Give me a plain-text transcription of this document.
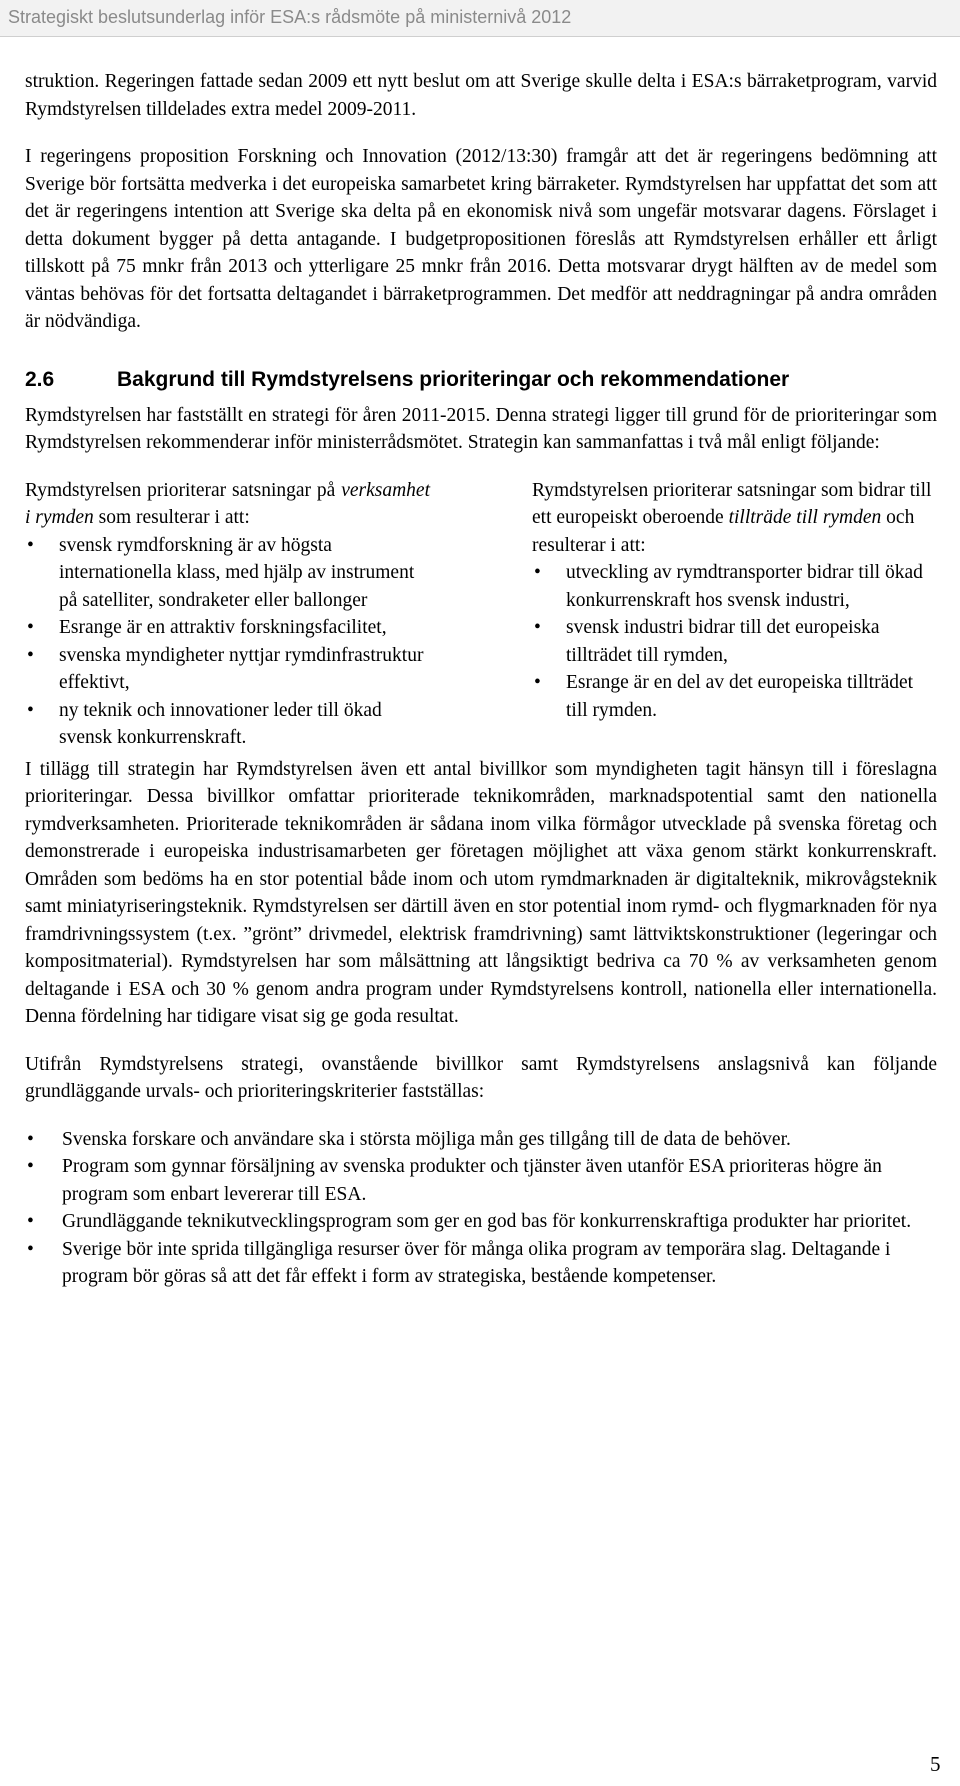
Strategiskt beslutsunderlag inför ESA:s rådsmöte på ministernivå 2012

struktion. Regeringen fattade sedan 2009 ett nytt beslut om att Sverige skulle delta i ESA:s bärraketprogram, varvid Rymdstyrelsen tilldelades extra medel 2009-2011.

I regeringens proposition Forskning och Innovation (2012/13:30) framgår att det är regeringens bedömning att Sverige bör fortsätta medverka i det europeiska samarbetet kring bärraketer. Rymdstyrelsen har uppfattat det som att det är regeringens intention att Sverige ska delta på en ekonomisk nivå som ungefär motsvarar dagens. Förslaget i detta dokument bygger på detta antagande. I budgetpropositionen föreslås att Rymdstyrelsen erhåller ett årligt tillskott på 75 mnkr från 2013 och ytterligare 25 mnkr från 2016. Detta motsvarar drygt hälften av de medel som väntas behövas för det fortsatta deltagandet i bärraketprogrammen. Det medför att neddragningar på andra områden är nödvändiga.

2.6	Bakgrund till Rymdstyrelsens prioriteringar och rekommendationer

Rymdstyrelsen har fastställt en strategi för åren 2011-2015. Denna strategi ligger till grund för de prioriteringar som Rymdstyrelsen rekommenderar inför ministerrådsmötet. Strategin kan sammanfattas i två mål enligt följande:

Rymdstyrelsen prioriterar satsningar på verksamhet i rymden som resulterar i att:

• svensk rymdforskning är av högsta internationella klass, med hjälp av instrument på satelliter, sondraketer eller ballonger
• Esrange är en attraktiv forskningsfacilitet,
• svenska myndigheter nyttjar rymdinfrastruktur effektivt,
• ny teknik och innovationer leder till ökad svensk konkurrenskraft.

Rymdstyrelsen prioriterar satsningar som bidrar till ett europeiskt oberoende tillträde till rymden och resulterar i att:

• utveckling av rymdtransporter bidrar till ökad konkurrenskraft hos svensk industri,
• svensk industri bidrar till det europeiska tillträdet till rymden,
• Esrange är en del av det europeiska tillträdet till rymden.

I tillägg till strategin har Rymdstyrelsen även ett antal bivillkor som myndigheten tagit hänsyn till i föreslagna prioriteringar. Dessa bivillkor omfattar prioriterade teknikområden, marknadspotential samt den nationella rymdverksamheten. Prioriterade teknikområden är sådana inom vilka förmågor utvecklade på svenska företag och demonstrerade i europeiska industrisamarbeten ger företagen möjlighet att växa genom stärkt konkurrenskraft. Områden som bedöms ha en stor potential både inom och utom rymdmarknaden är digitalteknik, mikrovågsteknik samt miniatyriseringsteknik. Rymdstyrelsen ser därtill även en stor potential inom rymd- och flygmarknaden för nya framdrivningssystem (t.ex. ”grönt” drivmedel, elektrisk framdrivning) samt lättviktskonstruktioner (legeringar och kompositmaterial). Rymdstyrelsen har som målsättning att långsiktigt bedriva ca 70 % av verksamheten genom deltagande i ESA och 30 % genom andra program under Rymdstyrelsens kontroll, nationella eller internationella. Denna fördelning har tidigare visat sig ge goda resultat.

Utifrån Rymdstyrelsens strategi, ovanstående bivillkor samt Rymdstyrelsens anslagsnivå kan följande grundläggande urvals- och prioriteringskriterier fastställas:

• Svenska forskare och användare ska i största möjliga mån ges tillgång till de data de behöver.
• Program som gynnar försäljning av svenska produkter och tjänster även utanför ESA prioriteras högre än program som enbart levererar till ESA.
• Grundläggande teknikutvecklingsprogram som ger en god bas för konkurrenskraftiga produkter har prioritet.
• Sverige bör inte sprida tillgängliga resurser över för många olika program av temporära slag. Deltagande i program bör göras så att det får effekt i form av strategiska, bestående kompetenser.
5
